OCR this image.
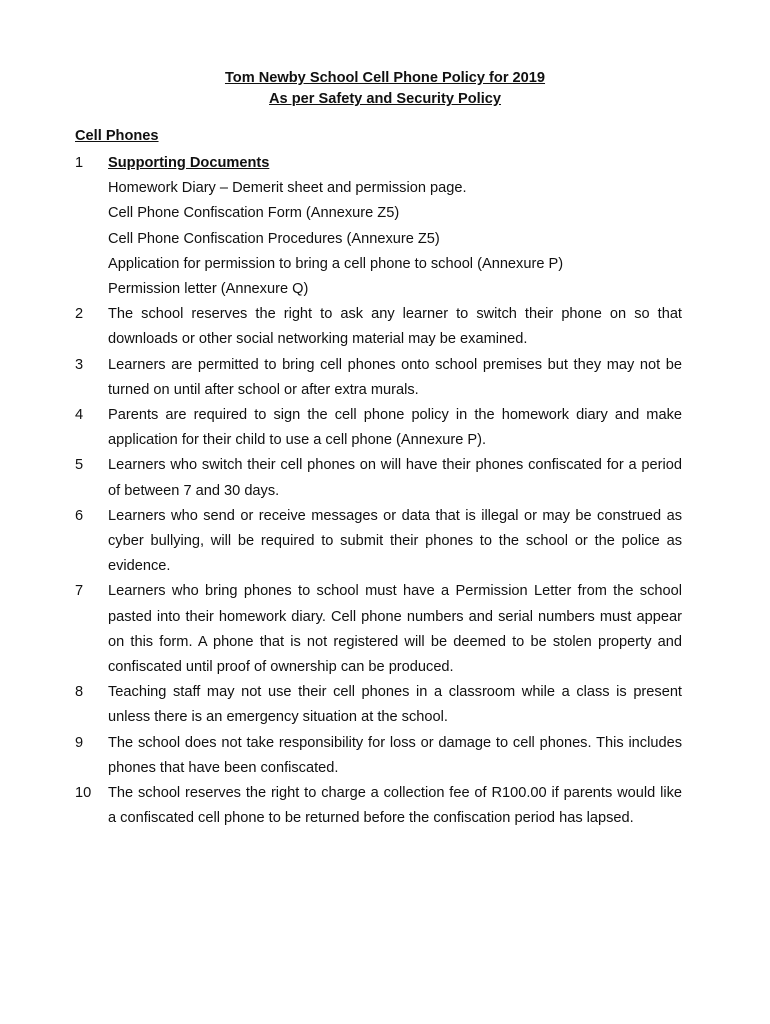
Tom Newby School Cell Phone Policy for 2019
As per Safety and Security Policy
Cell Phones
1	Supporting Documents
Homework Diary – Demerit sheet and permission page.
Cell Phone Confiscation Form (Annexure Z5)
Cell Phone Confiscation Procedures (Annexure Z5)
Application for permission to bring a cell phone to school (Annexure P)
Permission letter (Annexure Q)
2	The school reserves the right to ask any learner to switch their phone on so that downloads or other social networking material may be examined.
3	Learners are permitted to bring cell phones onto school premises but they may not be turned on until after school or after extra murals.
4	Parents are required to sign the cell phone policy in the homework diary and make application for their child to use a cell phone (Annexure P).
5	Learners who switch their cell phones on will have their phones confiscated for a period of between 7 and 30 days.
6	Learners who send or receive messages or data that is illegal or may be construed as cyber bullying, will be required to submit their phones to the school or the police as evidence.
7	Learners who bring phones to school must have a Permission Letter from the school pasted into their homework diary. Cell phone numbers and serial numbers must appear on this form. A phone that is not registered will be deemed to be stolen property and confiscated until proof of ownership can be produced.
8	Teaching staff may not use their cell phones in a classroom while a class is present unless there is an emergency situation at the school.
9	The school does not take responsibility for loss or damage to cell phones. This includes phones that have been confiscated.
10	The school reserves the right to charge a collection fee of R100.00 if parents would like a confiscated cell phone to be returned before the confiscation period has lapsed.
